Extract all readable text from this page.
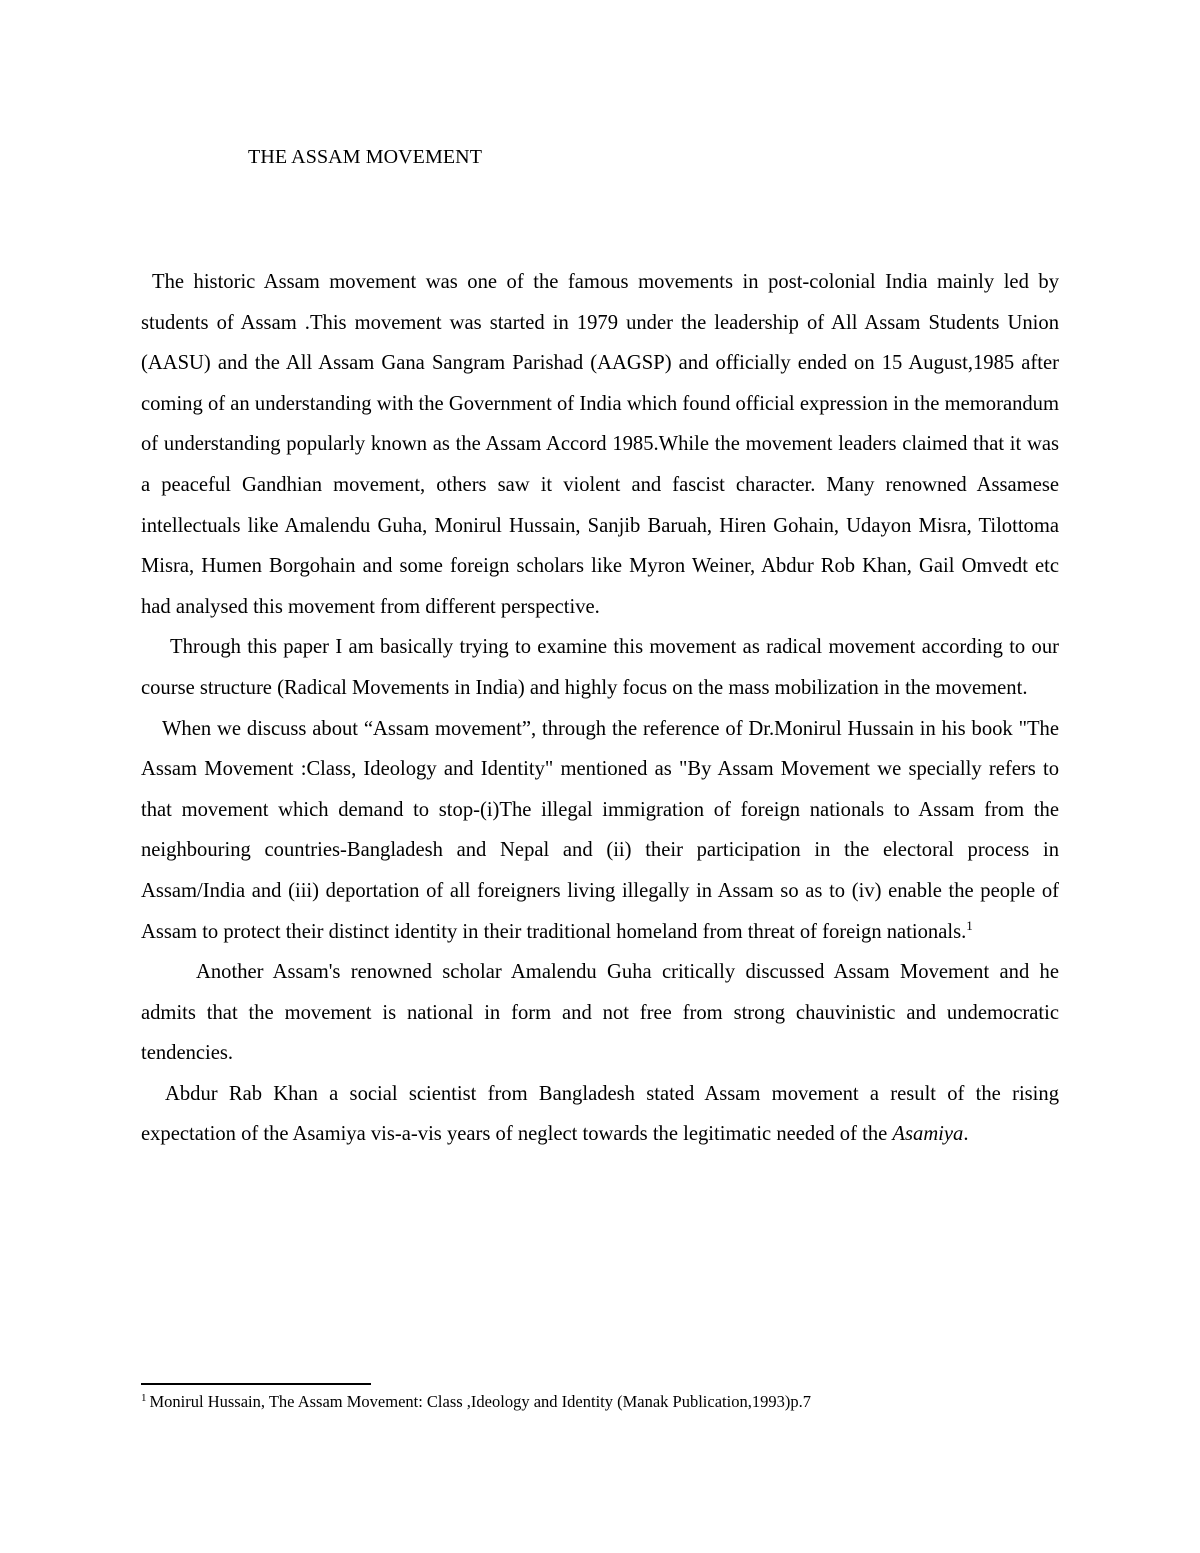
THE ASSAM MOVEMENT

The historic Assam movement was one of the famous movements in post-colonial India mainly led by students of Assam .This movement was started in 1979 under the leadership of All Assam Students Union (AASU) and the All Assam Gana Sangram Parishad (AAGSP) and officially ended on 15 August,1985 after coming of an understanding with the Government of India which found official expression in the memorandum of understanding popularly known as the Assam Accord 1985.While the movement leaders claimed that it was a peaceful Gandhian movement, others saw it violent and fascist character. Many renowned Assamese intellectuals like Amalendu Guha, Monirul Hussain, Sanjib Baruah, Hiren Gohain, Udayon Misra, Tilottoma Misra, Humen Borgohain and some foreign scholars like Myron Weiner, Abdur Rob Khan, Gail Omvedt etc had analysed this movement from different perspective.

Through this paper I am basically trying to examine this movement as radical movement according to our course structure (Radical Movements in India) and highly focus on the mass mobilization in the movement.

When we discuss about “Assam movement”, through the reference of Dr.Monirul Hussain in his book "The Assam Movement :Class, Ideology and Identity" mentioned as "By Assam Movement we specially refers to that movement which demand to stop-(i)The illegal immigration of foreign nationals to Assam from the neighbouring countries-Bangladesh and Nepal and (ii) their participation in the electoral process in Assam/India and (iii) deportation of all foreigners living illegally in Assam so as to (iv) enable the people of Assam to protect their distinct identity in their traditional homeland from threat of foreign nationals.$^1$

Another Assam's renowned scholar Amalendu Guha critically discussed Assam Movement and he admits that the movement is national in form and not free from strong chauvinistic and undemocratic tendencies.

Abdur Rab Khan a social scientist from Bangladesh stated Assam movement a result of the rising expectation of the Asamiya vis-a-vis years of neglect towards the legitimatic needed of the Asamiya.

$^1$ Monirul Hussain, The Assam Movement: Class ,Ideology and Identity (Manak Publication,1993)p.7
